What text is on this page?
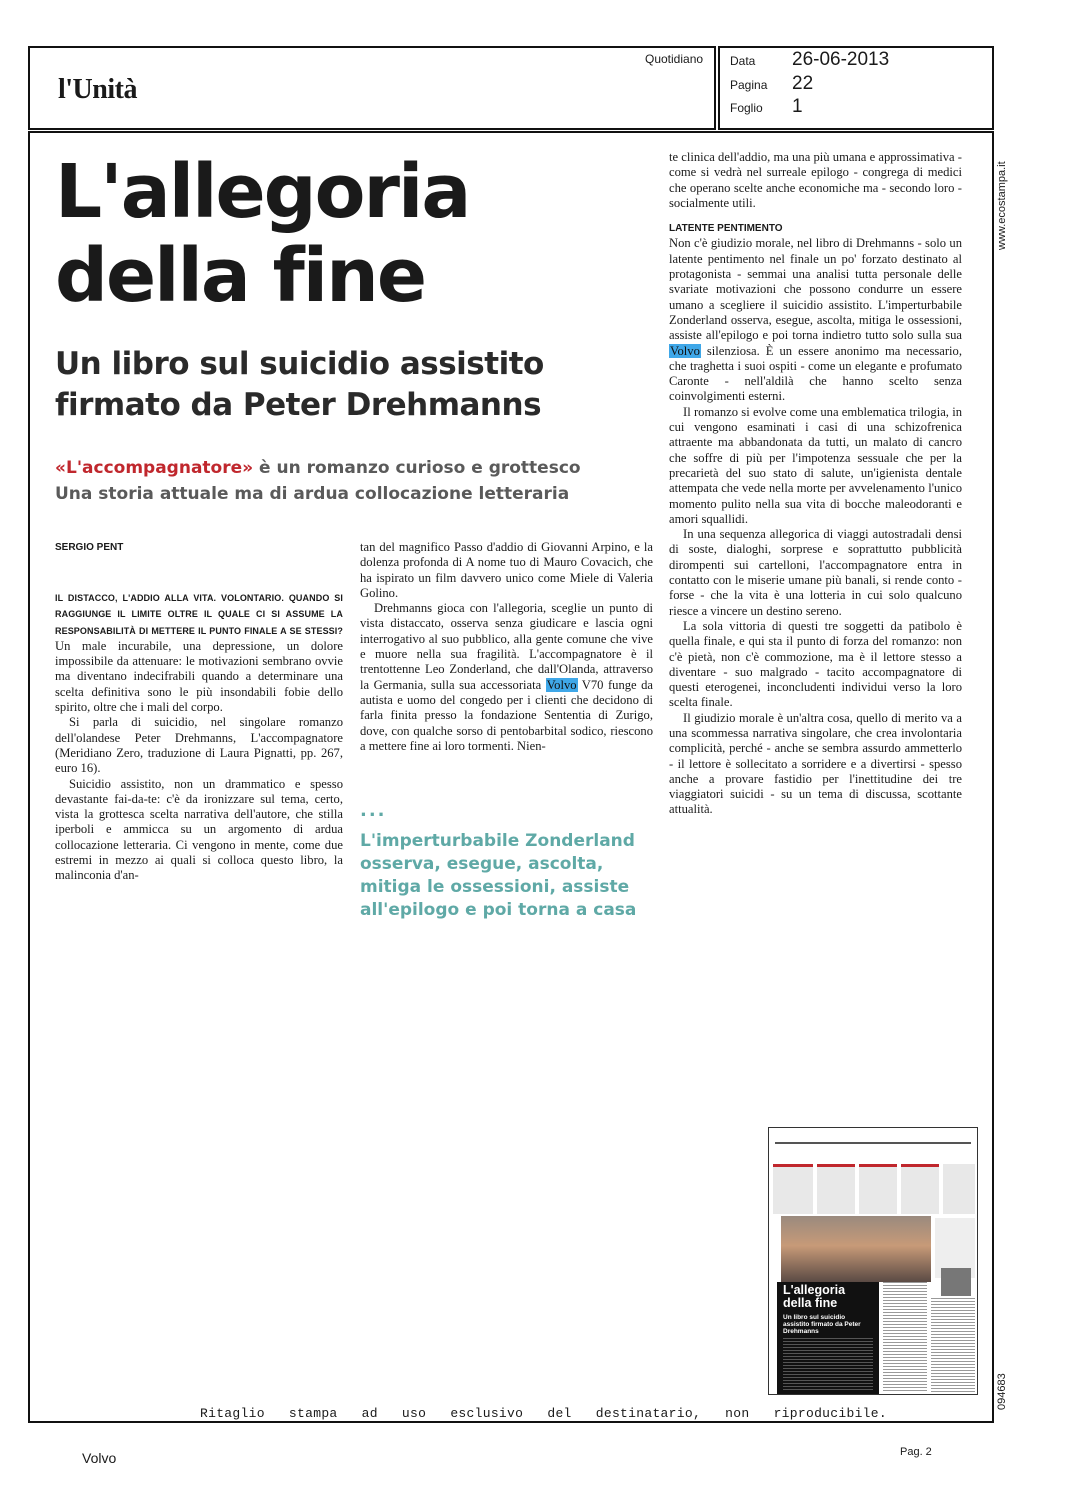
l'Unità
Quotidiano Data 26-06-2013
Pagina 22
Foglio 1
L'allegoria
della fine
Un libro sul suicidio assistito
firmato da Peter Drehmanns
«L'accompagnatore» è un romanzo curioso e grottesco
Una storia attuale ma di ardua collocazione letteraria
SERGIO PENT

IL DISTACCO, L'ADDIO ALLA VITA. VOLONTARIO. QUANDO SI RAGGIUNGE IL LIMITE OLTRE IL QUALE CI SI ASSUME LA RESPONSABILITÀ DI METTERE IL PUNTO FINALE A SE STESSI? Un male incurabile, una depressione, un dolore impossibile da attenuare: le motivazioni sembrano ovvie ma diventano indecifrabili quando a determinare una scelta definitiva sono le più insondabili fobie dello spirito, oltre che i mali del corpo.

Si parla di suicidio, nel singolare romanzo dell'olandese Peter Drehmanns, L'accompagnatore (Meridiano Zero, traduzione di Laura Pignatti, pp. 267, euro 16).

Suicidio assistito, non un drammatico e spesso devastante fai-da-te: c'è da ironizzare sul tema, certo, vista la grottesca scelta narrativa dell'autore, che stilla iperboli e ammicca su un argomento di ardua collocazione letteraria. Ci vengono in mente, come due estremi in mezzo ai quali si colloca questo libro, la malinconia d'an-

tan del magnifico Passo d'addio di Giovanni Arpino, e la dolenza profonda di A nome tuo di Mauro Covacich, che ha ispirato un film davvero unico come Miele di Valeria Golino.

Drehmanns gioca con l'allegoria, sceglie un punto di vista distaccato, osserva senza giudicare e lascia ogni interrogativo al suo pubblico, alla gente comune che vive e muore nella sua fragilità. L'accompagnatore è il trentottenne Leo Zonderland, che dall'Olanda, attraverso la Germania, sulla sua accessoriata Volvo V70 funge da autista e uomo del congedo per i clienti che decidono di farla finita presso la fondazione Sententia di Zurigo, dove, con qualche sorso di pentobarbital sodico, riescono a mettere fine ai loro tormenti. Nien-

...
L'imperturbabile Zonderland osserva, esegue, ascolta, mitiga le ossessioni, assiste all'epilogo e poi torna a casa

te clinica dell'addio, ma una più umana e approssimativa - come si vedrà nel surreale epilogo - congrega di medici che operano scelte anche economiche ma - secondo loro - socialmente utili.

LATENTE PENTIMENTO

Non c'è giudizio morale, nel libro di Drehmanns - solo un latente pentimento nel finale un po' forzato destinato al protagonista - semmai una analisi tutta personale delle svariate motivazioni che possono condurre un essere umano a scegliere il suicidio assistito. L'imperturbabile Zonderland osserva, esegue, ascolta, mitiga le ossessioni, assiste all'epilogo e poi torna indietro tutto solo sulla sua Volvo silenziosa. È un essere anonimo ma necessario, che traghetta i suoi ospiti - come un elegante e profumato Caronte - nell'aldilà che hanno scelto senza coinvolgimenti esterni.

Il romanzo si evolve come una emblematica trilogia, in cui vengono esaminati i casi di una schizofrenica attraente ma abbandonata da tutti, un malato di cancro che soffre di più per l'impotenza sessuale che per la precarietà del suo stato di salute, un'igienista dentale attempata che vede nella morte per avvelenamento l'unico momento pulito nella sua vita di bocche maleodoranti e amori squallidi.

In una sequenza allegorica di viaggi autostradali densi di soste, dialoghi, sorprese e soprattutto pubblicità dirompenti sui cartelloni, l'accompagnatore entra in contatto con le miserie umane più banali, si rende conto - forse - che la vita è una lotteria in cui solo qualcuno riesce a vincere un destino sereno.

La sola vittoria di questi tre soggetti da patibolo è quella finale, e qui sta il punto di forza del romanzo: non c'è pietà, non c'è commozione, ma è il lettore stesso a diventare - suo malgrado - tacito accompagnatore di questi eterogenei, inconcludenti individui verso la loro scelta finale.

Il giudizio morale è un'altra cosa, quello di merito va a una scommessa narrativa singolare, che crea involontaria complicità, perché - anche se sembra assurdo ammetterlo - il lettore è sollecitato a sorridere e a divertirsi - spesso anche a provare fastidio per l'inettitudine dei tre viaggiatori suicidi - su un tema di discussa, scottante attualità.

L'allegoria
della fine
Un libro sul suicidio assistito firmato da Peter Drehmanns
www.ecostampa.it
094683
Ritaglio stampa ad uso esclusivo del destinatario, non riproducibile.
Volvo	Pag. 2
